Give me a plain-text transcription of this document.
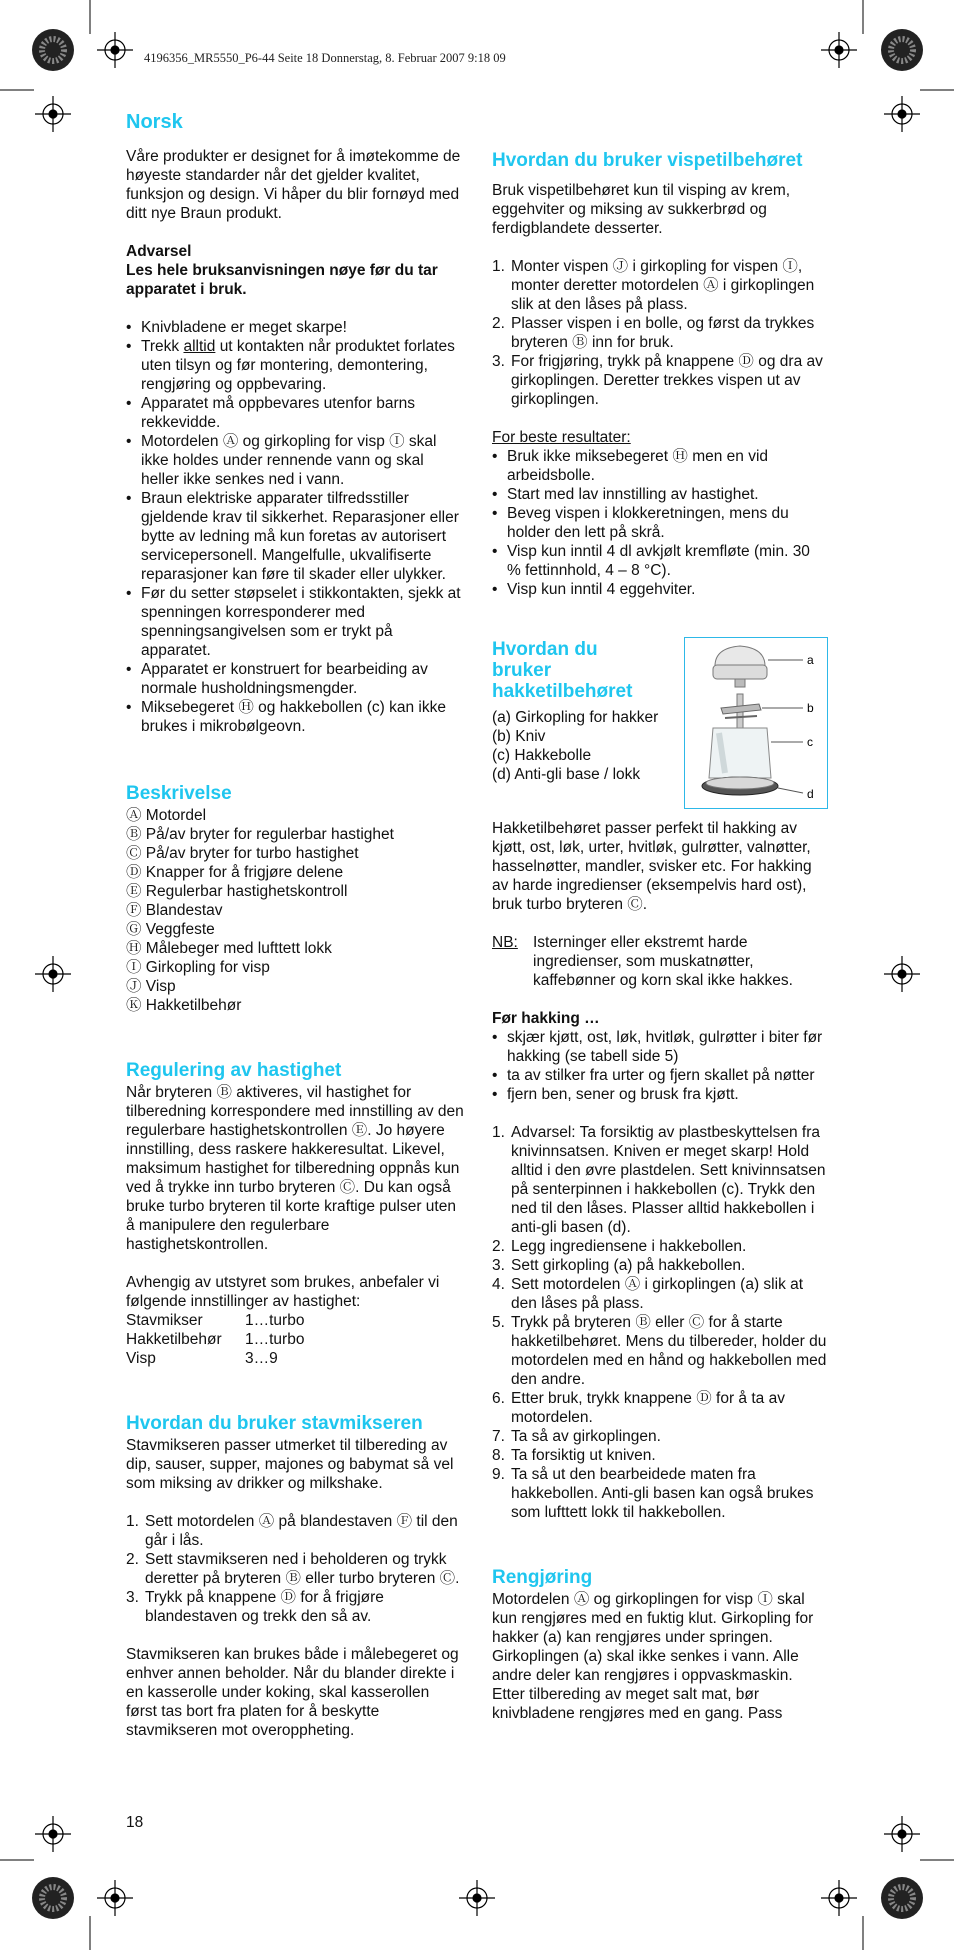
4196356_MR5550_P6-44 Seite 18 Donnerstag, 8. Februar 2007 9:18 09
Norsk

Våre produkter er designet for å imøtekomme de høyeste standarder når det gjelder kvalitet, funksjon og design. Vi håper du blir fornøyd med ditt nye Braun produkt.

Advarsel

Les hele bruksanvisningen nøye før du tar apparatet i bruk.

• Knivbladene er meget skarpe!
• Trekk alltid ut kontakten når produktet forlates uten tilsyn og før montering, demontering, rengjøring og oppbevaring.
• Apparatet må oppbevares utenfor barns rekkevidde.
• Motordelen Ⓐ og girkopling for visp Ⓘ skal ikke holdes under rennende vann og skal heller ikke senkes ned i vann.
• Braun elektriske apparater tilfredsstiller gjeldende krav til sikkerhet. Reparasjoner eller bytte av ledning må kun foretas av autorisert servicepersonell. Mangelfulle, ukvalifiserte reparasjoner kan føre til skader eller ulykker.
• Før du setter støpselet i stikkontakten, sjekk at spenningen korresponderer med spenningsangivelsen som er trykt på apparatet.
• Apparatet er konstruert for bearbeiding av normale husholdningsmengder.
• Miksebegeret Ⓗ og hakkebollen (c) kan ikke brukes i mikrobølgeovn.
Beskrivelse
Ⓐ Motordel
Ⓑ På/av bryter for regulerbar hastighet
Ⓒ På/av bryter for turbo hastighet
Ⓓ Knapper for å frigjøre delene
Ⓔ Regulerbar hastighetskontroll
Ⓕ Blandestav
Ⓖ Veggfeste
Ⓗ Målebeger med lufttett lokk
Ⓘ Girkopling for visp
Ⓙ Visp
Ⓚ Hakketilbehør
Regulering av hastighet

Når bryteren Ⓑ aktiveres, vil hastighet for tilberedning korrespondere med innstilling av den regulerbare hastighetskontrollen Ⓔ. Jo høyere innstilling, dess raskere hakkeresultat. Likevel, maksimum hastighet for tilberedning oppnås kun ved å trykke inn turbo bryteren Ⓒ. Du kan også bruke turbo bryteren til korte kraftige pulser uten å manipulere den regulerbare hastighetskontrollen.

Avhengig av utstyret som brukes, anbefaler vi følgende innstillinger av hastighet:

Stavmikser	1…turbo
Hakketilbehør	1…turbo
Visp	3…9
Hvordan du bruker stavmikseren

Stavmikseren passer utmerket til tilbereding av dip, sauser, supper, majones og babymat så vel som miksing av drikker og milkshake.

1. Sett motordelen Ⓐ på blandestaven Ⓕ til den går i lås.
2. Sett stavmikseren ned i beholderen og trykk deretter på bryteren Ⓑ eller turbo bryteren Ⓒ.
3. Trykk på knappene Ⓓ for å frigjøre blandestaven og trekk den så av.

Stavmikseren kan brukes både i målebegeret og enhver annen beholder. Når du blander direkte i en kasserolle under koking, skal kasserollen først tas bort fra platen for å beskytte stavmikseren mot overoppheting.

Hvordan du bruker vispetilbehøret

Bruk vispetilbehøret kun til visping av krem, eggehviter og miksing av sukkerbrød og ferdigblandete desserter.

1. Monter vispen Ⓙ i girkopling for vispen Ⓘ, monter deretter motordelen Ⓐ i girkoplingen slik at den låses på plass.
2. Plasser vispen i en bolle, og først da trykkes bryteren Ⓑ inn for bruk.
3. For frigjøring, trykk på knappene Ⓓ og dra av girkoplingen. Deretter trekkes vispen ut av girkoplingen.

For beste resultater:

• Bruk ikke miksebegeret Ⓗ men en vid arbeidsbolle.
• Start med lav innstilling av hastighet.
• Beveg vispen i klokkeretningen, mens du holder den lett på skrå.
• Visp kun inntil 4 dl avkjølt kremfløte (min. 30 % fettinnhold, 4 – 8 °C).
• Visp kun inntil 4 eggehviter.
Hvordan du bruker hakketilbehøret
(a) Girkopling for hakker
(b) Kniv
(c) Hakkebolle
(d) Anti-gli base / lokk
a
b
c
d

Hakketilbehøret passer perfekt til hakking av kjøtt, ost, løk, urter, hvitløk, gulrøtter, valnøtter, hasselnøtter, mandler, svisker etc. For hakking av harde ingredienser (eksempelvis hard ost), bruk turbo bryteren Ⓒ.

NB: Isterninger eller ekstremt harde ingredienser, som muskatnøtter, kaffebønner og korn skal ikke hakkes.

Før hakking …

• skjær kjøtt, ost, løk, hvitløk, gulrøtter i biter før hakking (se tabell side 5)
• ta av stilker fra urter og fjern skallet på nøtter
• fjern ben, sener og brusk fra kjøtt.
1. Advarsel: Ta forsiktig av plastbeskyttelsen fra knivinnsatsen. Kniven er meget skarp! Hold alltid i den øvre plastdelen. Sett knivinnsatsen på senterpinnen i hakkebollen (c). Trykk den ned til den låses. Plasser alltid hakkebollen i anti-gli basen (d).
2. Legg ingrediensene i hakkebollen.
3. Sett girkopling (a) på hakkebollen.
4. Sett motordelen Ⓐ i girkoplingen (a) slik at den låses på plass.
5. Trykk på bryteren Ⓑ eller Ⓒ for å starte hakketilbehøret. Mens du tilbereder, holder du motordelen med en hånd og hakkebollen med den andre.
6. Etter bruk, trykk knappene Ⓓ for å ta av motordelen.
7. Ta så av girkoplingen.
8. Ta forsiktig ut kniven.
9. Ta så ut den bearbeidede maten fra hakkebollen. Anti-gli basen kan også brukes som lufttett lokk til hakkebollen.
Rengjøring

Motordelen Ⓐ og girkoplingen for visp Ⓘ skal kun rengjøres med en fuktig klut. Girkopling for hakker (a) kan rengjøres under springen. Girkoplingen (a) skal ikke senkes i vann. Alle andre deler kan rengjøres i oppvaskmaskin. Etter tilbereding av meget salt mat, bør knivbladene rengjøres med en gang. Pass

18
